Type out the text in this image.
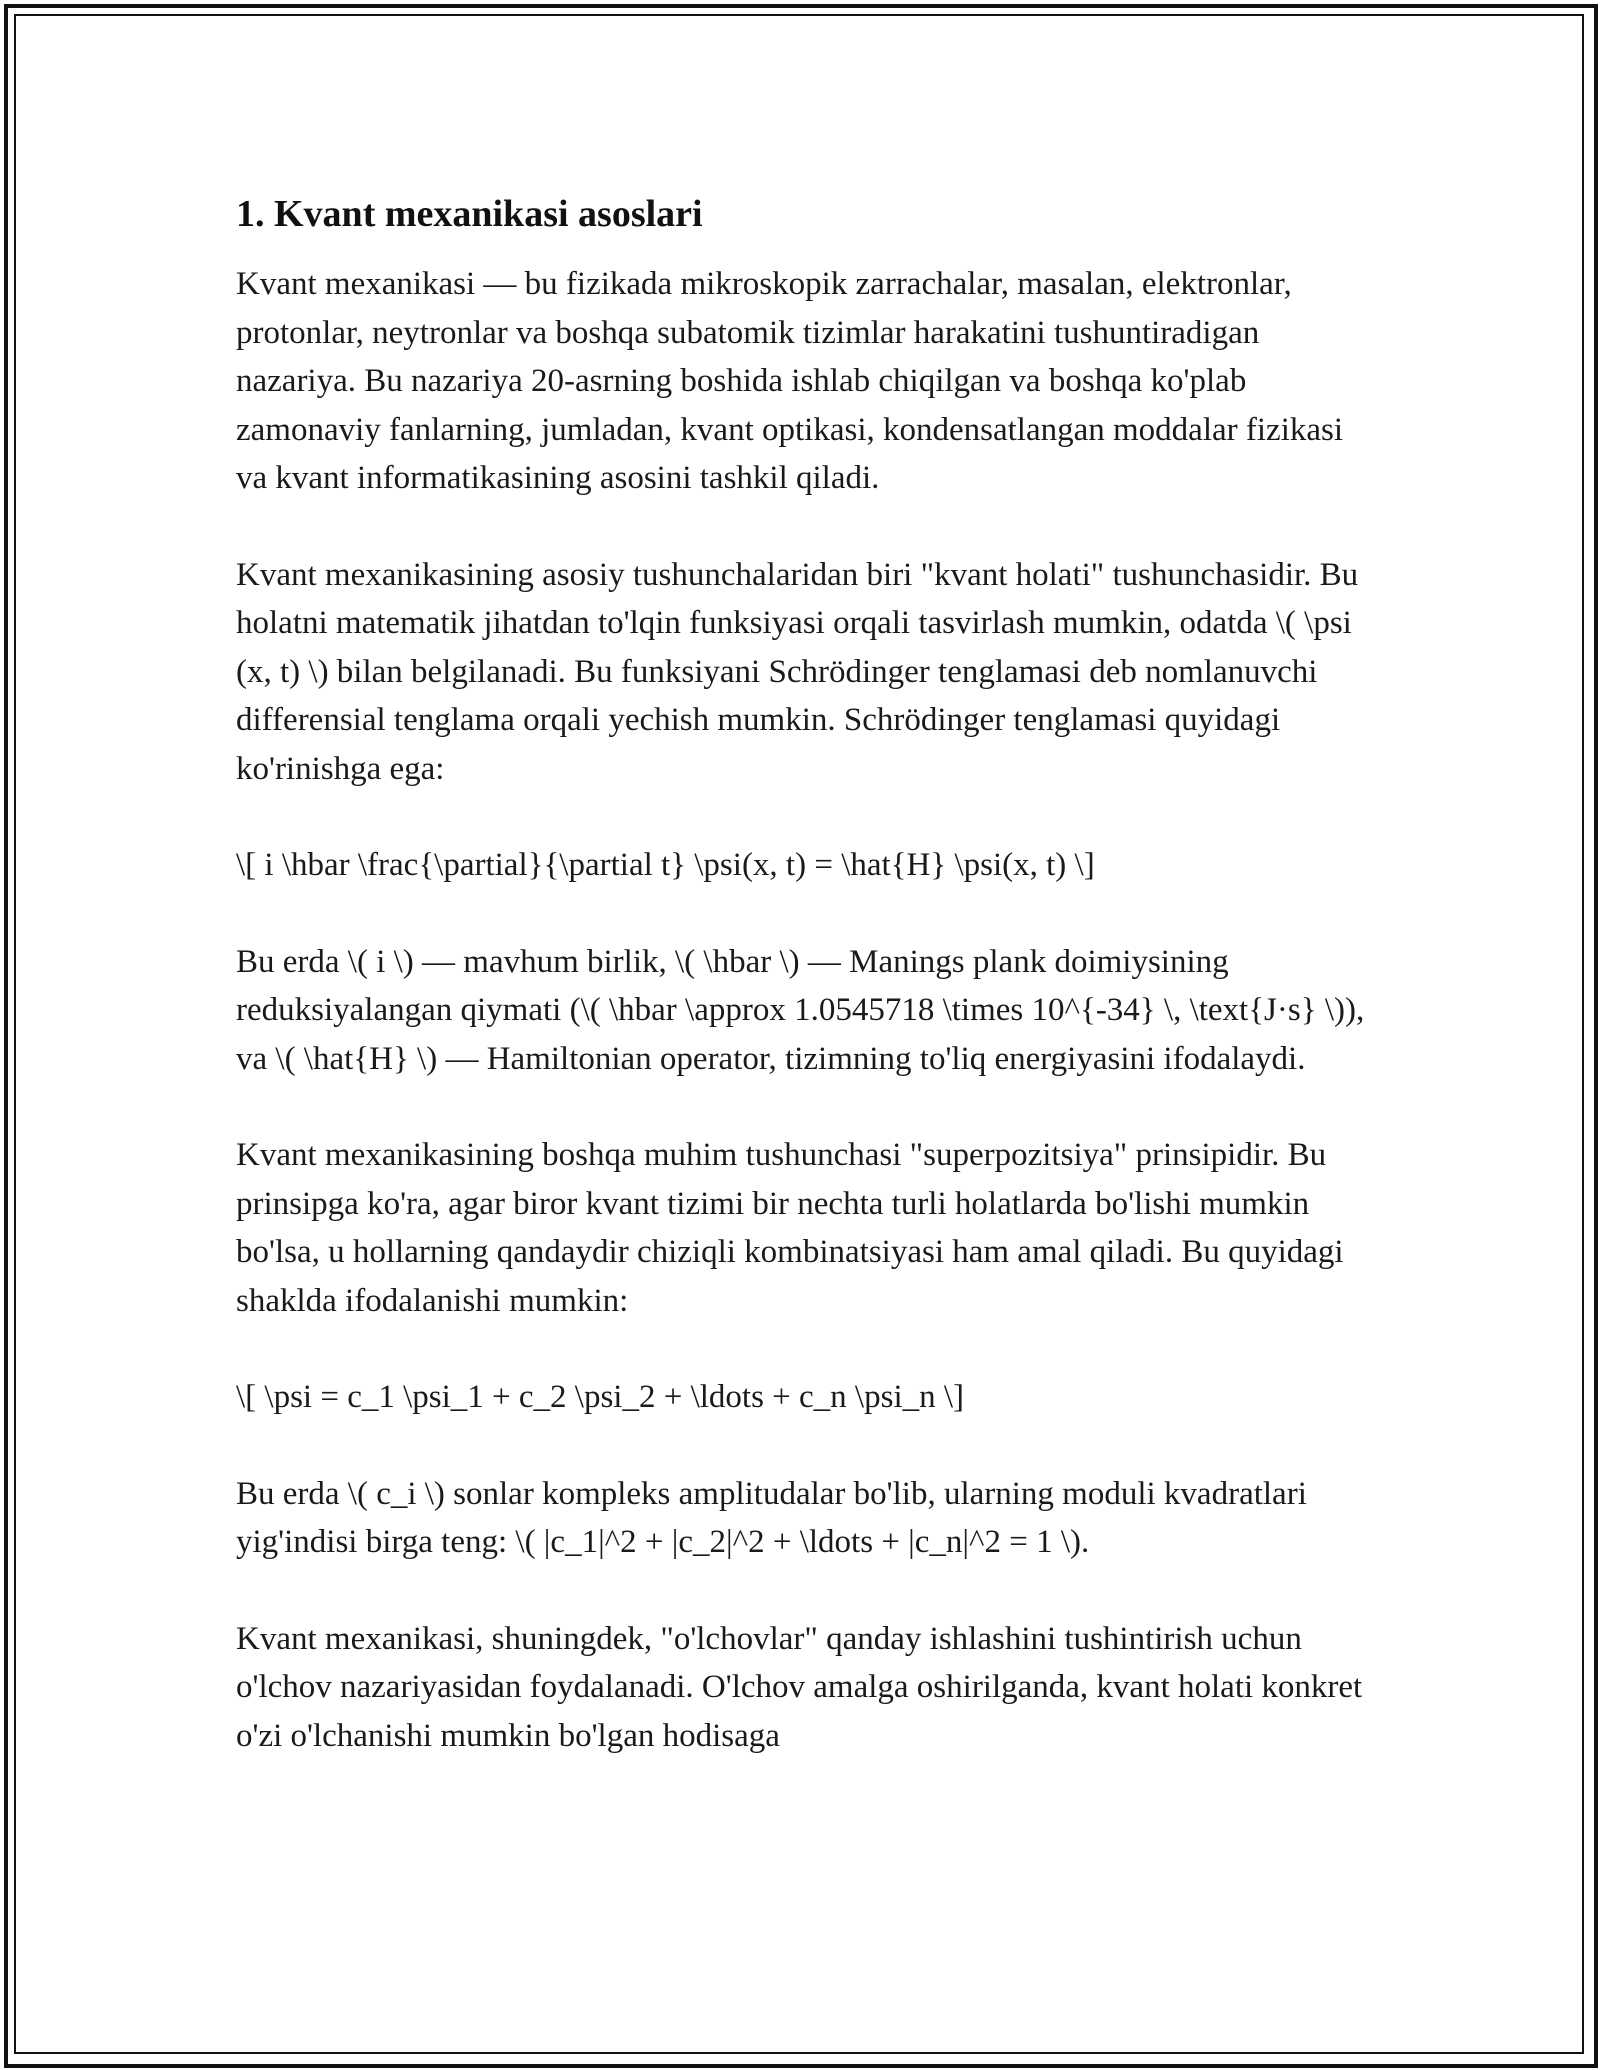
1. Kvant mexanikasi asoslari

Kvant mexanikasi — bu fizikada mikroskopik zarrachalar, masalan, elektronlar, protonlar, neytronlar va boshqa subatomik tizimlar harakatini tushuntiradigan nazariya. Bu nazariya 20-asrning boshida ishlab chiqilgan va boshqa ko'plab zamonaviy fanlarning, jumladan, kvant optikasi, kondensatlangan moddalar fizikasi va kvant informatikasining asosini tashkil qiladi.

Kvant mexanikasining asosiy tushunchalaridan biri "kvant holati" tushunchasidir. Bu holatni matematik jihatdan to'lqin funksiyasi orqali tasvirlash mumkin, odatda \( \psi (x, t) \) bilan belgilanadi. Bu funksiyani Schrödinger tenglamasi deb nomlanuvchi differensial tenglama orqali yechish mumkin. Schrödinger tenglamasi quyidagi ko'rinishga ega:

\[ i \hbar \frac{\partial}{\partial t} \psi(x, t) = \hat{H} \psi(x, t) \]

Bu erda \( i \) — mavhum birlik, \( \hbar \) — Manings plank doimiysining reduksiyalangan qiymati (\( \hbar \approx 1.0545718 \times 10^{-34} \, \text{J·s} \)), va \( \hat{H} \) — Hamiltonian operator, tizimning to'liq energiyasini ifodalaydi.

Kvant mexanikasining boshqa muhim tushunchasi "superpozitsiya" prinsipidir. Bu prinsipga ko'ra, agar biror kvant tizimi bir nechta turli holatlarda bo'lishi mumkin bo'lsa, u hollarning qandaydir chiziqli kombinatsiyasi ham amal qiladi. Bu quyidagi shaklda ifodalanishi mumkin:

\[ \psi = c_1 \psi_1 + c_2 \psi_2 + \ldots + c_n \psi_n \]

Bu erda \( c_i \) sonlar kompleks amplitudalar bo'lib, ularning moduli kvadratlari yig'indisi birga teng: \( |c_1|^2 + |c_2|^2 + \ldots + |c_n|^2 = 1 \).

Kvant mexanikasi, shuningdek, "o'lchovlar" qanday ishlashini tushintirish uchun o'lchov nazariyasidan foydalanadi. O'lchov amalga oshirilganda, kvant holati konkret o'zi o'lchanishi mumkin bo'lgan hodisaga
